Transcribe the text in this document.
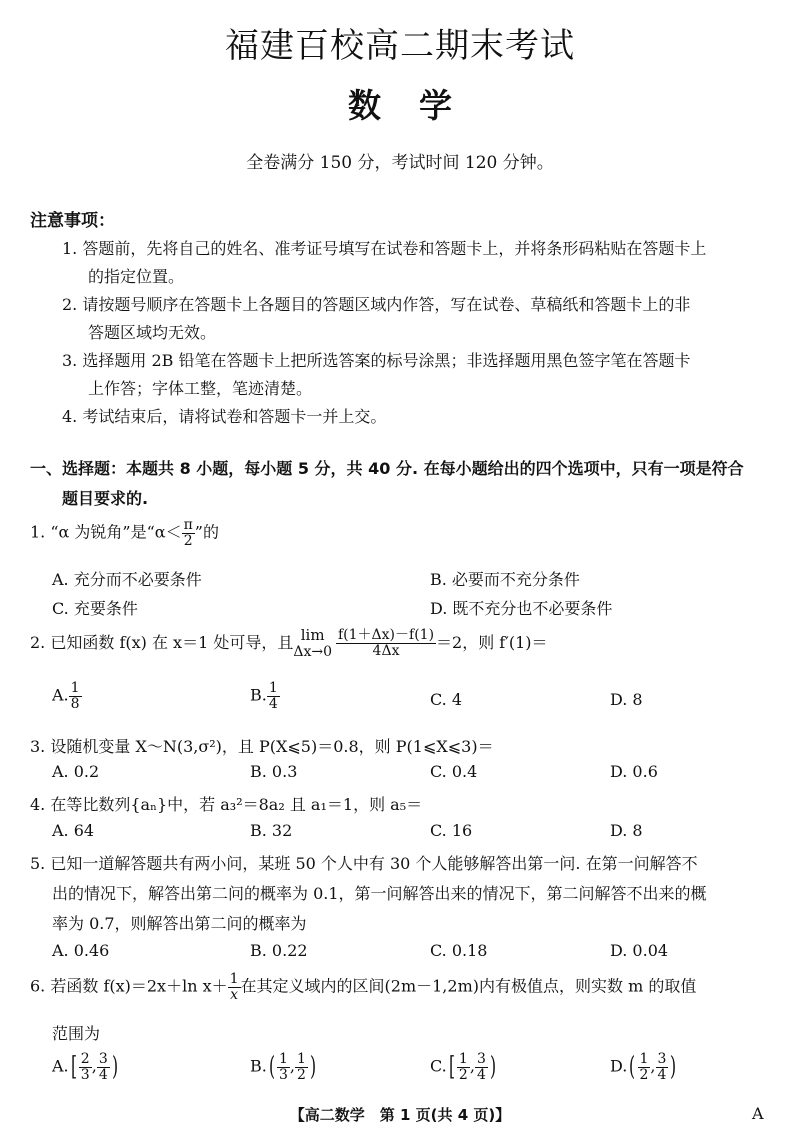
福建百校高二期末考试
数学
全卷满分 150 分，考试时间 120 分钟。
注意事项：
1. 答题前，先将自己的姓名、准考证号填写在试卷和答题卡上，并将条形码粘贴在答题卡上
的指定位置。
2. 请按题号顺序在答题卡上各题目的答题区域内作答，写在试卷、草稿纸和答题卡上的非
答题区域均无效。
3. 选择题用 2B 铅笔在答题卡上把所选答案的标号涂黑；非选择题用黑色签字笔在答题卡
上作答；字体工整，笔迹清楚。
4. 考试结束后，请将试卷和答题卡一并上交。
一、选择题：本题共 8 小题，每小题 5 分，共 40 分. 在每小题给出的四个选项中，只有一项是符合
题目要求的.
1. “α 为锐角”是“$\alpha< \frac{\pi}{2}$ ”的
A. 充分而不必要条件	B. 必要而不充分条件
C. 充要条件	D. 既不充分也不必要条件
2. 已知函数 f(x) 在 x＝1 处可导，且 lim
$\Delta x\to 0 \frac{f(1+\Delta x)-f(1)}{4\Delta x} =2$，则 f′(1)＝
A. $\frac{1}{8}$	B. $\frac{1}{4}$	C. 4	D. 8
3. 设随机变量 X～N(3,σ²)，且 P(X⩽5)＝0.8，则 P(1⩽X⩽3)＝
A. 0.2	B. 0.3	C. 0.4	D. 0.6
4. 在等比数列{aₙ}中，若 a₃²＝8a₂ 且 a₁＝1，则 a₅＝
A. 64	B. 32	C. 16	D. 8
5. 已知一道解答题共有两小问，某班 50 个人中有 30 个人能够解答出第一问. 在第一问解答不
出的情况下，解答出第二问的概率为 0.1，第一问解答出来的情况下，第二问解答不出来的概
率为 0.7，则解答出第二问的概率为
A. 0.46	B. 0.22	C. 0.18	D. 0.04
6. 若函数 f(x)＝2x＋ln $x+ \frac{1}{x}$ 在其定义域内的区间(2m－1,2m)内有极值点，则实数 m 的取值
范围为
$A.[ \frac{2}{3}$ , $\frac{3}{4}$ )	$B.( \frac{1}{3}$ , $\frac{1}{2}$ )	$C.[ \frac{1}{2}$ , $\frac{3}{4}$ )	$D.( \frac{1}{2}$ , $\frac{3}{4}$ )
【高二数学　第 1 页(共 4 页)】	A
